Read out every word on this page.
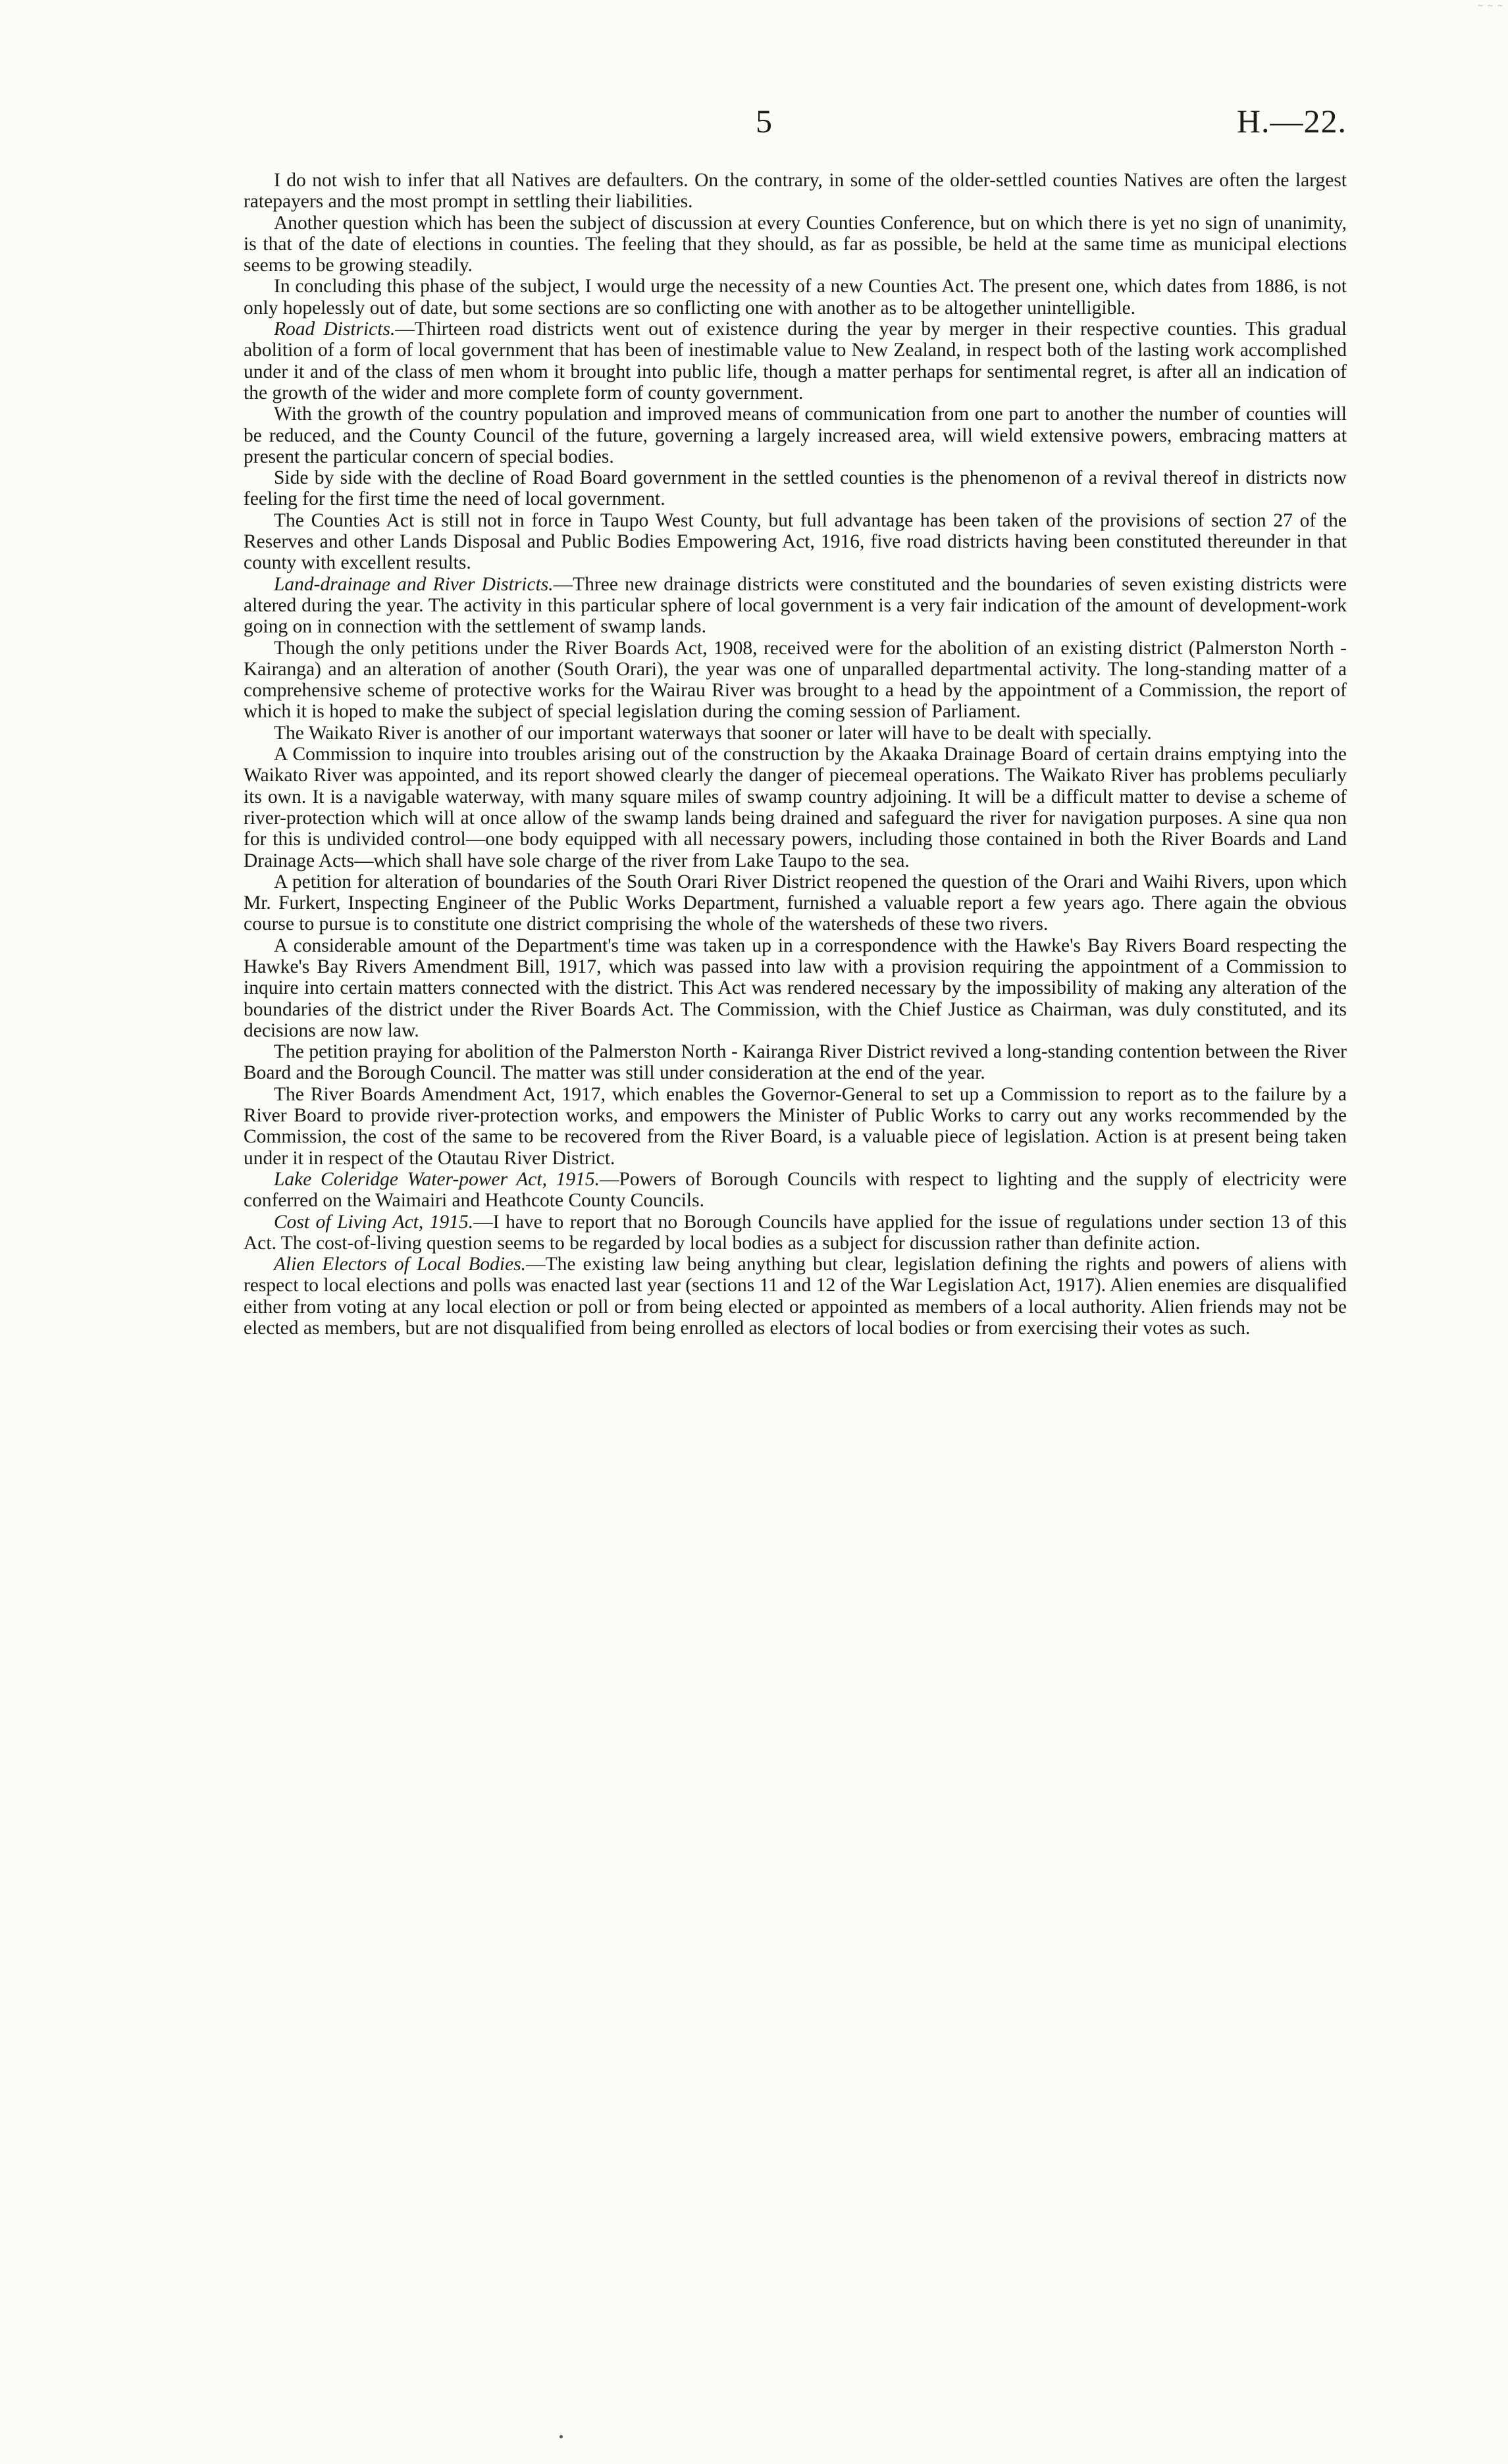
~ ~ ~
5	H.—22.

I do not wish to infer that all Natives are defaulters. On the contrary, in some of the older-settled counties Natives are often the largest ratepayers and the most prompt in settling their liabilities.

Another question which has been the subject of discussion at every Counties Conference, but on which there is yet no sign of unanimity, is that of the date of elections in counties. The feeling that they should, as far as possible, be held at the same time as municipal elections seems to be growing steadily.

In concluding this phase of the subject, I would urge the necessity of a new Counties Act. The present one, which dates from 1886, is not only hopelessly out of date, but some sections are so conflicting one with another as to be altogether unintelligible.

Road Districts.—Thirteen road districts went out of existence during the year by merger in their respective counties. This gradual abolition of a form of local government that has been of inestimable value to New Zealand, in respect both of the lasting work accomplished under it and of the class of men whom it brought into public life, though a matter perhaps for sentimental regret, is after all an indication of the growth of the wider and more complete form of county government.

With the growth of the country population and improved means of communication from one part to another the number of counties will be reduced, and the County Council of the future, governing a largely increased area, will wield extensive powers, embracing matters at present the particular concern of special bodies.

Side by side with the decline of Road Board government in the settled counties is the phenomenon of a revival thereof in districts now feeling for the first time the need of local government.

The Counties Act is still not in force in Taupo West County, but full advantage has been taken of the provisions of section 27 of the Reserves and other Lands Disposal and Public Bodies Empowering Act, 1916, five road districts having been constituted thereunder in that county with excellent results.

Land-drainage and River Districts.—Three new drainage districts were constituted and the boundaries of seven existing districts were altered during the year. The activity in this particular sphere of local government is a very fair indication of the amount of development-work going on in connection with the settlement of swamp lands.

Though the only petitions under the River Boards Act, 1908, received were for the abolition of an existing district (Palmerston North - Kairanga) and an alteration of another (South Orari), the year was one of unparalled departmental activity. The long-standing matter of a comprehensive scheme of protective works for the Wairau River was brought to a head by the appointment of a Commission, the report of which it is hoped to make the subject of special legislation during the coming session of Parliament.

The Waikato River is another of our important waterways that sooner or later will have to be dealt with specially.

A Commission to inquire into troubles arising out of the construction by the Akaaka Drainage Board of certain drains emptying into the Waikato River was appointed, and its report showed clearly the danger of piecemeal operations. The Waikato River has problems peculiarly its own. It is a navigable waterway, with many square miles of swamp country adjoining. It will be a difficult matter to devise a scheme of river-protection which will at once allow of the swamp lands being drained and safeguard the river for navigation purposes. A sine qua non for this is undivided control—one body equipped with all necessary powers, including those contained in both the River Boards and Land Drainage Acts—which shall have sole charge of the river from Lake Taupo to the sea.

A petition for alteration of boundaries of the South Orari River District reopened the question of the Orari and Waihi Rivers, upon which Mr. Furkert, Inspecting Engineer of the Public Works Department, furnished a valuable report a few years ago. There again the obvious course to pursue is to constitute one district comprising the whole of the watersheds of these two rivers.

A considerable amount of the Department's time was taken up in a correspondence with the Hawke's Bay Rivers Board respecting the Hawke's Bay Rivers Amendment Bill, 1917, which was passed into law with a provision requiring the appointment of a Commission to inquire into certain matters connected with the district. This Act was rendered necessary by the impossibility of making any alteration of the boundaries of the district under the River Boards Act. The Commission, with the Chief Justice as Chairman, was duly constituted, and its decisions are now law.

The petition praying for abolition of the Palmerston North - Kairanga River District revived a long-standing contention between the River Board and the Borough Council. The matter was still under consideration at the end of the year.

The River Boards Amendment Act, 1917, which enables the Governor-General to set up a Commission to report as to the failure by a River Board to provide river-protection works, and empowers the Minister of Public Works to carry out any works recommended by the Commission, the cost of the same to be recovered from the River Board, is a valuable piece of legislation. Action is at present being taken under it in respect of the Otautau River District.

Lake Coleridge Water-power Act, 1915.—Powers of Borough Councils with respect to lighting and the supply of electricity were conferred on the Waimairi and Heathcote County Councils.

Cost of Living Act, 1915.—I have to report that no Borough Councils have applied for the issue of regulations under section 13 of this Act. The cost-of-living question seems to be regarded by local bodies as a subject for discussion rather than definite action.

Alien Electors of Local Bodies.—The existing law being anything but clear, legislation defining the rights and powers of aliens with respect to local elections and polls was enacted last year (sections 11 and 12 of the War Legislation Act, 1917). Alien enemies are disqualified either from voting at any local election or poll or from being elected or appointed as members of a local authority. Alien friends may not be elected as members, but are not disqualified from being enrolled as electors of local bodies or from exercising their votes as such.
